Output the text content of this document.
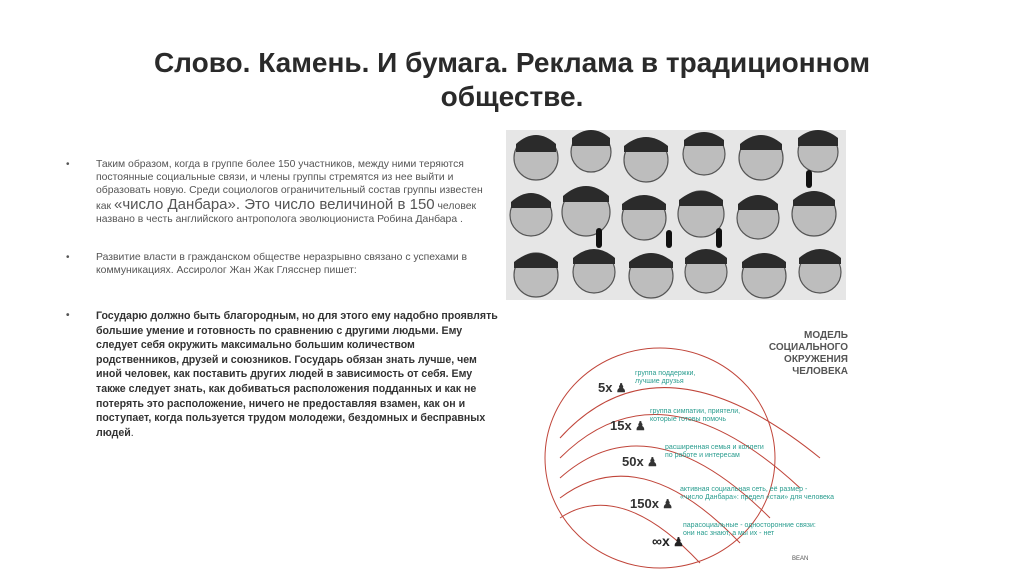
Слово. Камень. И бумага. Реклама в традиционном
обществе.
•	Таким образом, когда в группе более 150 участников, между ними теряются постоянные социальные связи, и члены группы стремятся из нее выйти и образовать новую. Среди социологов ограничительный состав группы известен как «число Данбара». Это число величиной в 150 человек названо в честь английского антрополога эволюциониста Робина Данбара .
•	Развитие власти в гражданском обществе неразрывно связано с успехами в коммуникациях. Ассиролог Жан Жак Глясснер пишет:
• Государю должно быть благородным, но для этого ему надобно проявлять большие умение и готовность по сравнению с другими людьми. Ему следует себя окружить максимально большим количеством родственников, друзей и союзников. Государь обязан знать лучше, чем иной человек, как поставить других людей в зависимость от себя. Ему также следует знать, как добиваться расположения подданных и как не потерять это расположение, ничего не предоставляя взамен, как он и поступает, когда пользуется трудом молодежи, бездомных и бесправных людей.
МОДЕЛЬ
СОЦИАЛЬНОГО
ОКРУЖЕНИЯ
ЧЕЛОВЕКА
5x ♟
группа поддержки,
лучшие друзья
15x ♟
группа симпатии, приятели,
которые готовы помочь
50x ♟
расширенная семья и коллеги
по работе и интересам
150x ♟
активная социальная сеть, её размер -
«число Данбара»: предел «стаи» для человека
∞x ♟
парасоциальные - односторонние связи:
они нас знают, а мы их - нет
BEAN
